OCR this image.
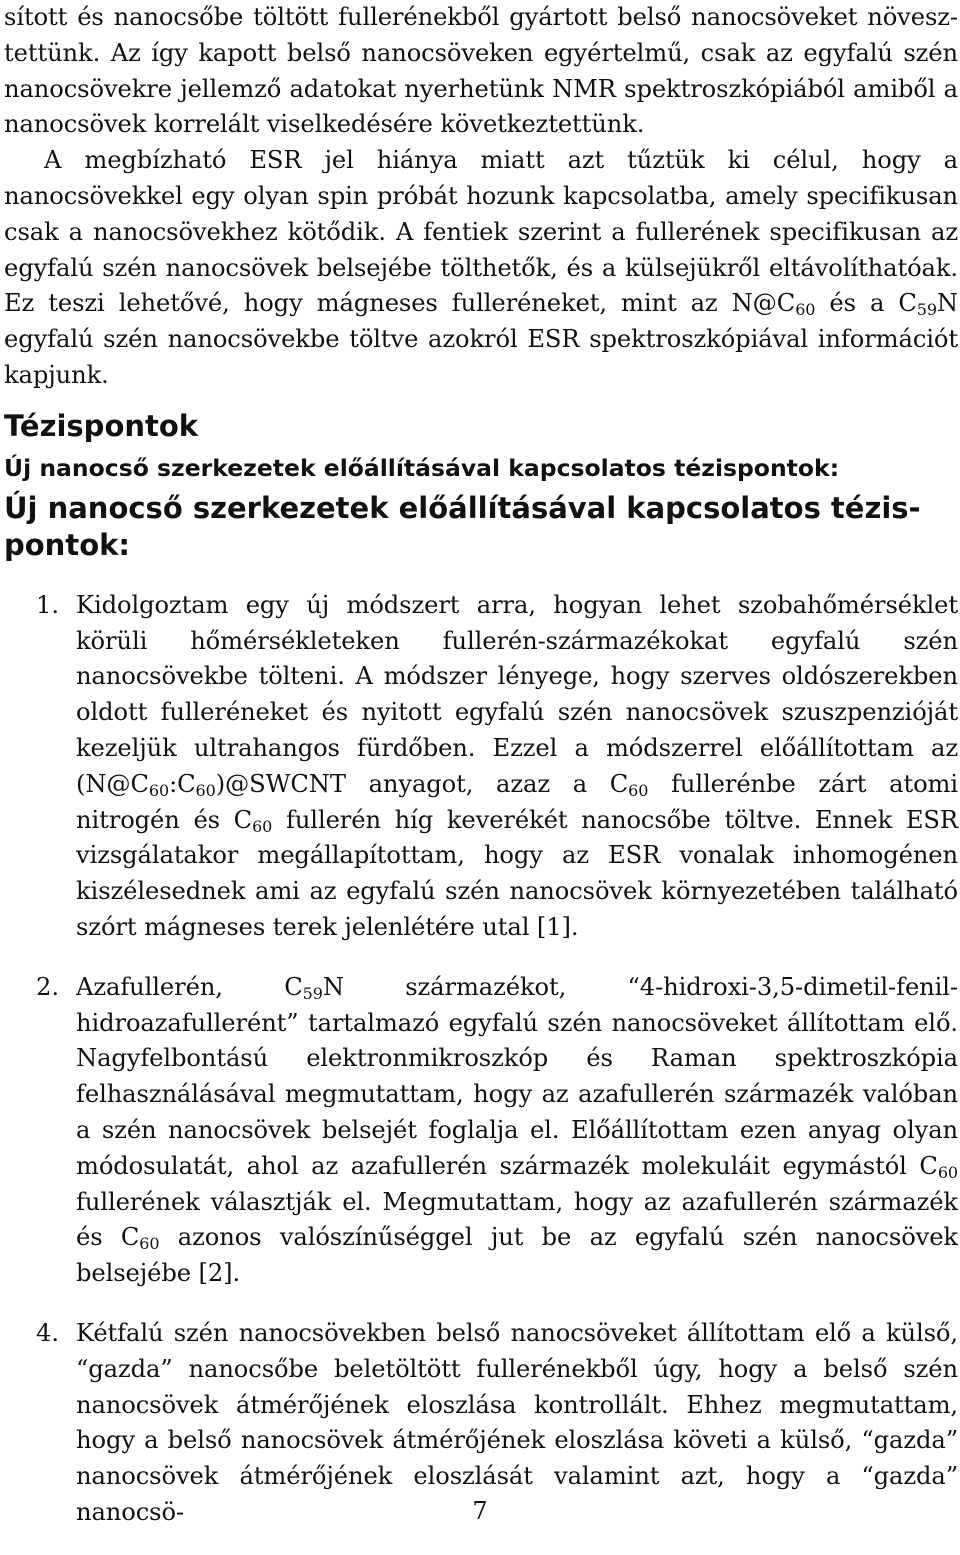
sított és nanocsőbe töltött fullerénekből gyártott belső nanocsöveket növesz-tettünk. Az így kapott belső nanocsöveken egyértelmű, csak az egyfalú szén nanocsövekre jellemző adatokat nyerhetünk NMR spektroszkópiából amiből a nanocsövek korrelált viselkedésére következtettünk.

A megbízható ESR jel hiánya miatt azt tűztük ki célul, hogy a nanocsövekkel egy olyan spin próbát hozunk kapcsolatba, amely specifikusan csak a nanocsövekhez kötődik. A fentiek szerint a fullerének specifikusan az egyfalú szén nanocsövek belsejébe tölthetők, és a külsejükről eltávolíthatóak. Ez teszi lehetővé, hogy mágneses fulleréneket, mint az $N@C_{60}$ és a $C_{59}N$ egyfalú szén nanocsövekbe töltve azokról ESR spektroszkópiával információt kapjunk.

Tézispontok
Új nanocső szerkezetek előállításával kapcsolatos tézispontok:
Új nanocső szerkezetek előállításával kapcsolatos tézis-pontok:
1. Kidolgoztam egy új módszert arra, hogyan lehet szobahőmérséklet körüli hőmérsékleteken fullerén-származékokat egyfalú szén nanocsövekbe tölteni. A módszer lényege, hogy szerves oldószerekben oldott fulleréneket és nyitott egyfalú szén nanocsövek szuszpenzióját kezeljük ultrahangos fürdőben. Ezzel a módszerrel előállítottam az $(N@C_{60}:C_{60})@SWCNT$ anyagot, azaz a $C_{60}$ fullerénbe zárt atomi nitrogén és $C_{60}$ fullerén híg keverékét nanocsőbe töltve. Ennek ESR vizsgálatakor megállapítottam, hogy az ESR vonalak inhomogénen kiszélesednek ami az egyfalú szén nanocsövek környezetében található szórt mágneses terek jelenlétére utal [1].

2. Azafullerén, $C_{59}N$ származékot, “4-hidroxi-3,5-dimetil-fenil-hidroazafullerént” tartalmazó egyfalú szén nanocsöveket állítottam elő. Nagyfelbontású elektronmikroszkóp és Raman spektroszkópia felhasználásával megmutattam, hogy az azafullerén származék valóban a szén nanocsövek belsejét foglalja el. Előállítottam ezen anyag olyan módosulatát, ahol az azafullerén származék molekuláit egymástól $C_{60}$ fullerének választják el. Megmutattam, hogy az azafullerén származék és $C_{60}$ azonos valószínűséggel jut be az egyfalú szén nanocsövek belsejébe [2].

4. Kétfalú szén nanocsövekben belső nanocsöveket állítottam elő a külső, “gazda” nanocsőbe beletöltött fullerénekből úgy, hogy a belső szén nanocsövek átmérőjének eloszlása kontrollált. Ehhez megmutattam, hogy a belső nanocsövek átmérőjének eloszlása követi a külső, “gazda” nanocsövek átmérőjének eloszlását valamint azt, hogy a “gazda” nanocsö-	7
